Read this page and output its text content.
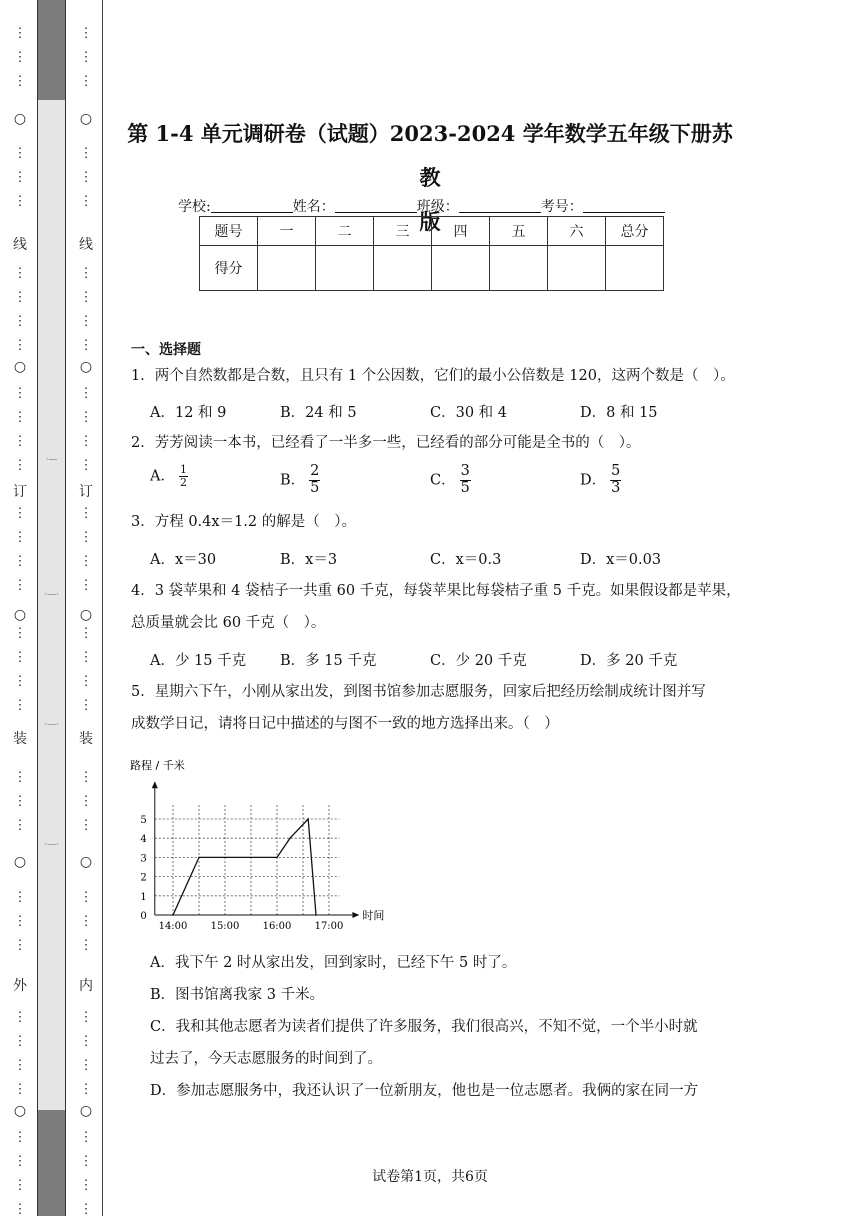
○
○
○
○
○
线
订
装
外
⋮
⋮
⋮
⋮
⋮
⋮
⋮
⋮
⋮
⋮
⋮
⋮
⋮
⋮
⋮
⋮
⋮
⋮
⋮
⋮
⋮
⋮
⋮
⋮
⋮
⋮
⋮
⋮
⋮
⋮
⋮
⋮
⋮
⋮
⋮
⋮
·—
·—·
·—·
·—·
○
○
○
○
○
线
订
装
内
⋮
⋮
⋮
⋮
⋮
⋮
⋮
⋮
⋮
⋮
⋮
⋮
⋮
⋮
⋮
⋮
⋮
⋮
⋮
⋮
⋮
⋮
⋮
⋮
⋮
⋮
⋮
⋮
⋮
⋮
⋮
⋮
⋮
⋮
⋮
⋮
第 1-4 单元调研卷（试题）2023-2024 学年数学五年级下册苏教
版
学校:	姓名：	班级：	考号：
题号	一	二	三	四	五	六	总分
得分							
一、选择题
1．两个自然数都是合数，且只有 1 个公因数，它们的最小公倍数是 120，这两个数是（　）。
A．12 和 9	B．24 和 5	C．30 和 4	D．8 和 15
2．芳芳阅读一本书，已经看了一半多一些，已经看的部分可能是全书的（　）。
A． $\frac{1}{2}$	B． $\frac{2}{5}$	C． $\frac{3}{5}$	D． $\frac{5}{3}$
3．方程 0.4x＝1.2 的解是（　）。
A．x＝30	B．x＝3	C．x＝0.3	D．x＝0.03
4．3 袋苹果和 4 袋桔子一共重 60 千克，每袋苹果比每袋桔子重 5 千克。如果假设都是苹果，
总质量就会比 60 千克（　）。
A．少 15 千克 B．多 15 千克	C．少 20 千克	D．多 20 千克
5．星期六下午，小刚从家出发，到图书馆参加志愿服务，回家后把经历绘制成统计图并写
成数学日记，请将日记中描述的与图不一致的地方选择出来。（　）
0
1
2
3
4
5
14:00 15:00 16:00 17:00
时间
路程 / 千米
A．我下午 2 时从家出发，回到家时，已经下午 5 时了。
B．图书馆离我家 3 千米。
C．我和其他志愿者为读者们提供了许多服务，我们很高兴，不知不觉，一个半小时就
过去了，今天志愿服务的时间到了。
D．参加志愿服务中，我还认识了一位新朋友，他也是一位志愿者。我俩的家在同一方
试卷第1页，共6页
